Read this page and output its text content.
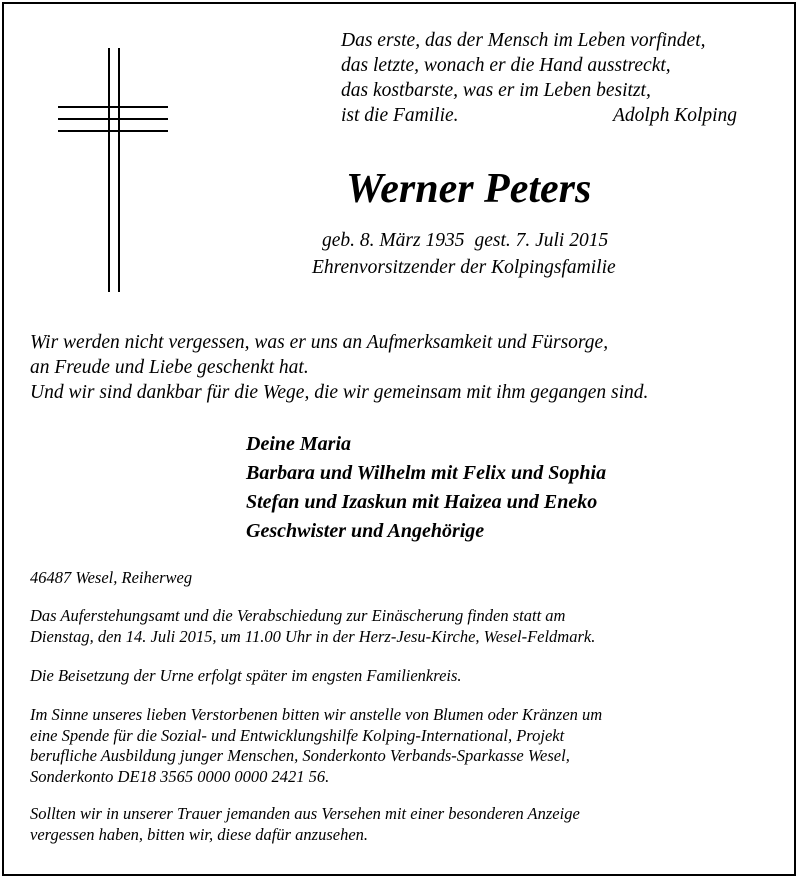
Das erste, das der Mensch im Leben vorfindet,
das letzte, wonach er die Hand ausstreckt,
das kostbarste, was er im Leben besitzt,
ist die Familie.	Adolph Kolping
Werner Peters
geb. 8. März 1935 gest. 7. Juli 2015
Ehrenvorsitzender der Kolpingsfamilie
Wir werden nicht vergessen, was er uns an Aufmerksamkeit und Fürsorge,
an Freude und Liebe geschenkt hat.
Und wir sind dankbar für die Wege, die wir gemeinsam mit ihm gegangen sind.
Deine Maria
Barbara und Wilhelm mit Felix und Sophia
Stefan und Izaskun mit Haizea und Eneko
Geschwister und Angehörige
46487 Wesel, Reiherweg
Das Auferstehungsamt und die Verabschiedung zur Einäscherung finden statt am
Dienstag, den 14. Juli 2015, um 11.00 Uhr in der Herz-Jesu-Kirche, Wesel-Feldmark.
Die Beisetzung der Urne erfolgt später im engsten Familienkreis.
Im Sinne unseres lieben Verstorbenen bitten wir anstelle von Blumen oder Kränzen um
eine Spende für die Sozial- und Entwicklungshilfe Kolping-International, Projekt
berufliche Ausbildung junger Menschen, Sonderkonto Verbands-Sparkasse Wesel,
Sonderkonto DE18 3565 0000 0000 2421 56.
Sollten wir in unserer Trauer jemanden aus Versehen mit einer besonderen Anzeige
vergessen haben, bitten wir, diese dafür anzusehen.
